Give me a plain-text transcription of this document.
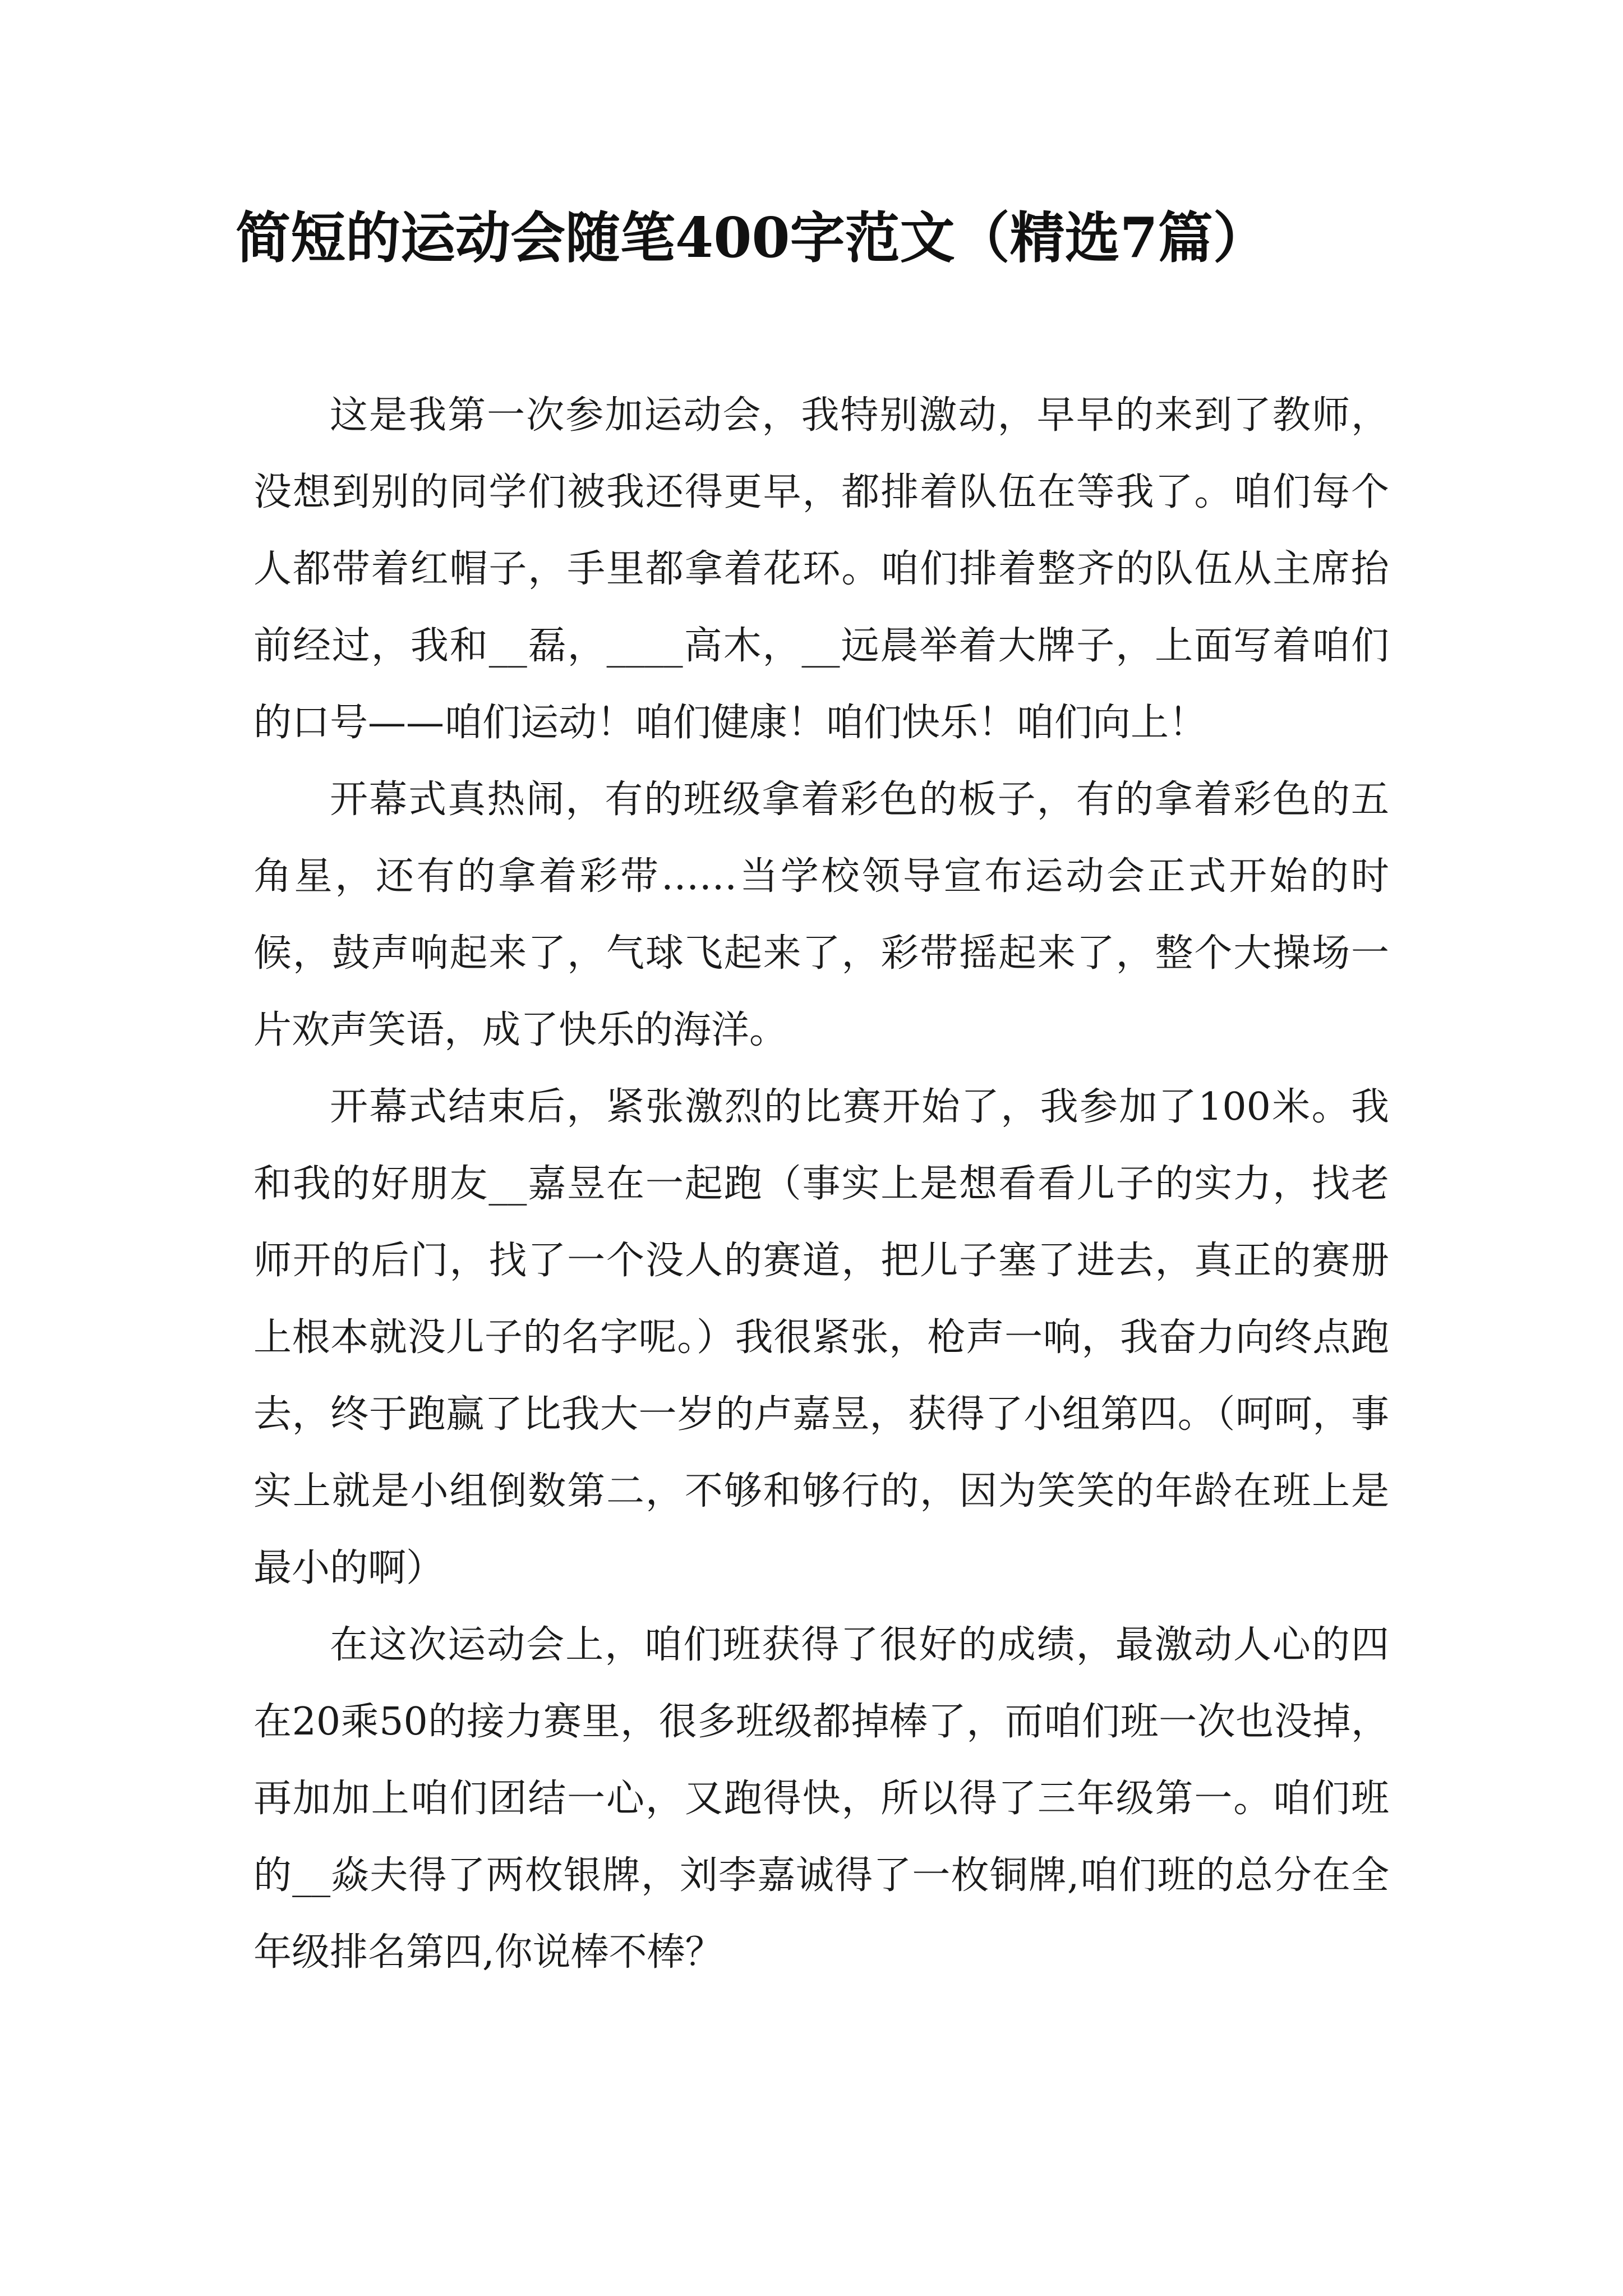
简短的运动会随笔400字范文（精选7篇）

这是我第一次参加运动会，我特别激动，早早的来到了教师，没想到别的同学们被我还得更早，都排着队伍在等我了。咱们每个人都带着红帽子，手里都拿着花环。咱们排着整齐的队伍从主席抬前经过，我和__磊，____高木，__远晨举着大牌子，上面写着咱们的口号——咱们运动！咱们健康！咱们快乐！咱们向上！

开幕式真热闹，有的班级拿着彩色的板子，有的拿着彩色的五角星，还有的拿着彩带……当学校领导宣布运动会正式开始的时候，鼓声响起来了，气球飞起来了，彩带摇起来了，整个大操场一片欢声笑语，成了快乐的海洋。

开幕式结束后，紧张激烈的比赛开始了，我参加了100米。我和我的好朋友__嘉昱在一起跑（事实上是想看看儿子的实力，找老师开的后门，找了一个没人的赛道，把儿子塞了进去，真正的赛册上根本就没儿子的名字呢。）我很紧张，枪声一响，我奋力向终点跑去，终于跑赢了比我大一岁的卢嘉昱，获得了小组第四。（呵呵，事实上就是小组倒数第二，不够和够行的，因为笑笑的年龄在班上是最小的啊）

在这次运动会上，咱们班获得了很好的成绩，最激动人心的四在20乘50的接力赛里，很多班级都掉棒了，而咱们班一次也没掉，再加加上咱们团结一心，又跑得快，所以得了三年级第一。咱们班的__焱夫得了两枚银牌，刘李嘉诚得了一枚铜牌,咱们班的总分在全年级排名第四,你说棒不棒？
